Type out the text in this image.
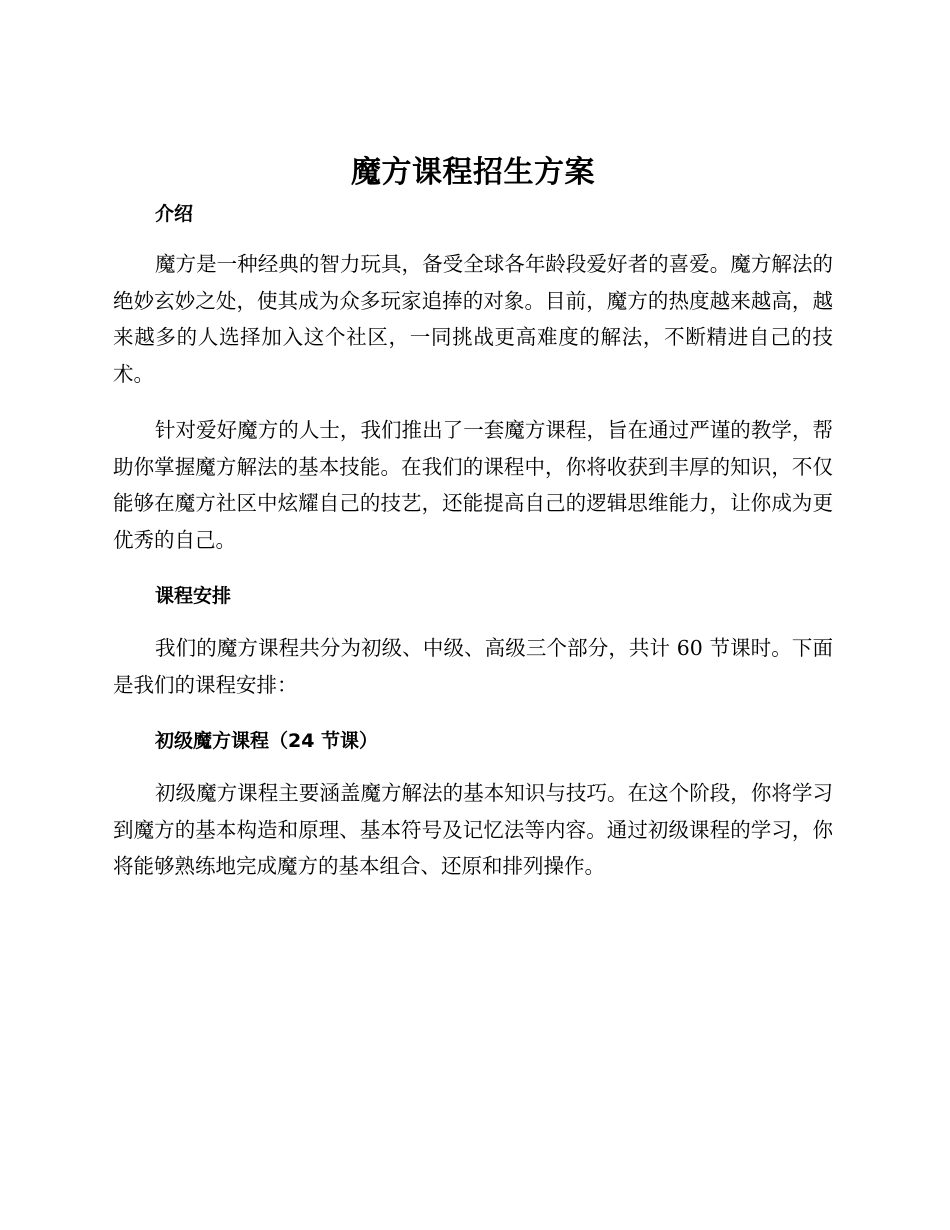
魔方课程招生方案
介绍

魔方是一种经典的智力玩具，备受全球各年龄段爱好者的喜爱。魔方解法的绝妙玄妙之处，使其成为众多玩家追捧的对象。目前，魔方的热度越来越高，越来越多的人选择加入这个社区，一同挑战更高难度的解法，不断精进自己的技术。

针对爱好魔方的人士，我们推出了一套魔方课程，旨在通过严谨的教学，帮助你掌握魔方解法的基本技能。在我们的课程中，你将收获到丰厚的知识，不仅能够在魔方社区中炫耀自己的技艺，还能提高自己的逻辑思维能力，让你成为更优秀的自己。

课程安排

我们的魔方课程共分为初级、中级、高级三个部分，共计 60 节课时。下面是我们的课程安排：

初级魔方课程（24 节课）

初级魔方课程主要涵盖魔方解法的基本知识与技巧。在这个阶段，你将学习到魔方的基本构造和原理、基本符号及记忆法等内容。通过初级课程的学习，你将能够熟练地完成魔方的基本组合、还原和排列操作。
